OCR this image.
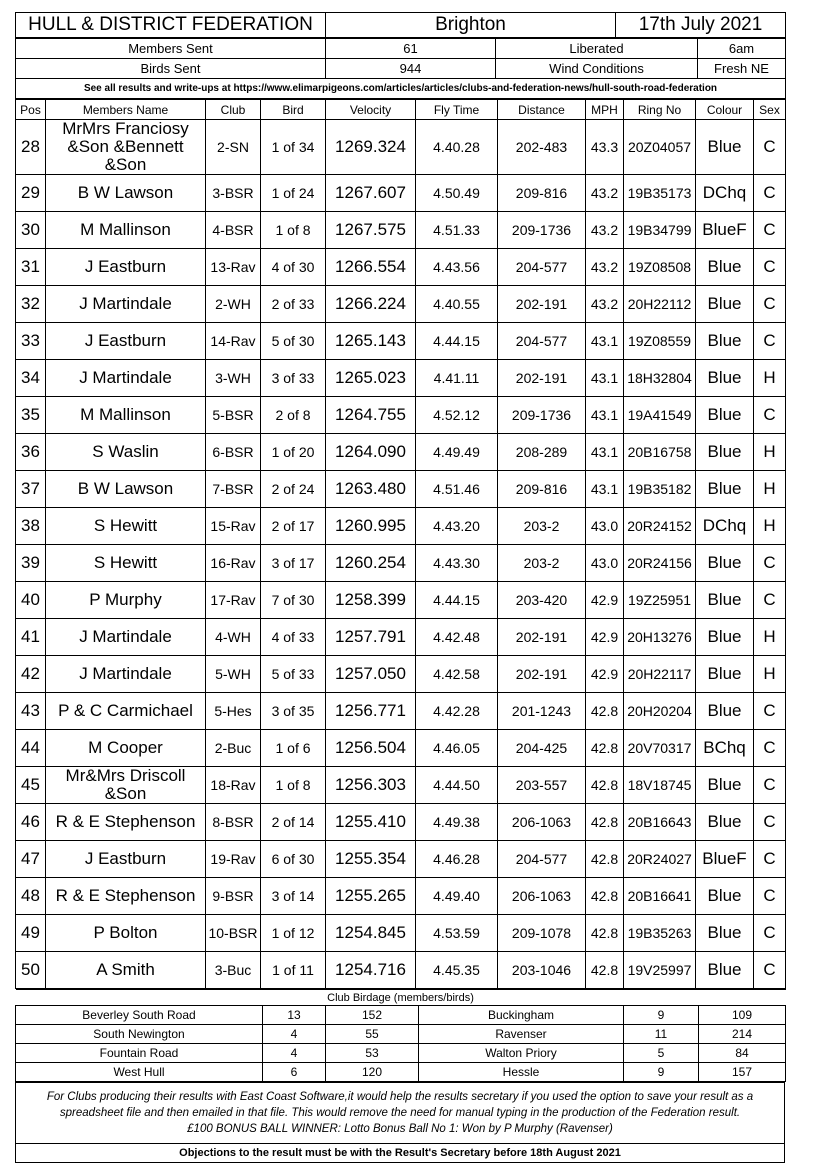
HULL & DISTRICT FEDERATION	Brighton	17th July 2021
Members Sent	61	Liberated	6am
Birds Sent	944	Wind Conditions	Fresh NE
See all results and write-ups at https://www.elimarpigeons.com/articles/articles/clubs-and-federation-news/hull-south-road-federation			
Pos	Members Name	Club	Bird	Velocity	Fly Time	Distance	MPH	Ring No	Colour	Sex
28	MrMrs Franciosy &Son &Bennett &Son	2-SN	1 of 34	1269.324	4.40.28	202-483	43.3	20Z04057	Blue	C
29	B W Lawson	3-BSR	1 of 24	1267.607	4.50.49	209-816	43.2	19B35173	DChq	C
30	M Mallinson	4-BSR	1 of 8	1267.575	4.51.33	209-1736	43.2	19B34799	BlueF	C
31	J Eastburn	13-Rav	4 of 30	1266.554	4.43.56	204-577	43.2	19Z08508	Blue	C
32	J Martindale	2-WH	2 of 33	1266.224	4.40.55	202-191	43.2	20H22112	Blue	C
33	J Eastburn	14-Rav	5 of 30	1265.143	4.44.15	204-577	43.1	19Z08559	Blue	C
34	J Martindale	3-WH	3 of 33	1265.023	4.41.11	202-191	43.1	18H32804	Blue	H
35	M Mallinson	5-BSR	2 of 8	1264.755	4.52.12	209-1736	43.1	19A41549	Blue	C
36	S Waslin	6-BSR	1 of 20	1264.090	4.49.49	208-289	43.1	20B16758	Blue	H
37	B W Lawson	7-BSR	2 of 24	1263.480	4.51.46	209-816	43.1	19B35182	Blue	H
38	S Hewitt	15-Rav	2 of 17	1260.995	4.43.20	203-2	43.0	20R24152	DChq	H
39	S Hewitt	16-Rav	3 of 17	1260.254	4.43.30	203-2	43.0	20R24156	Blue	C
40	P Murphy	17-Rav	7 of 30	1258.399	4.44.15	203-420	42.9	19Z25951	Blue	C
41	J Martindale	4-WH	4 of 33	1257.791	4.42.48	202-191	42.9	20H13276	Blue	H
42	J Martindale	5-WH	5 of 33	1257.050	4.42.58	202-191	42.9	20H22117	Blue	H
43	P & C Carmichael	5-Hes	3 of 35	1256.771	4.42.28	201-1243	42.8	20H20204	Blue	C
44	M Cooper	2-Buc	1 of 6	1256.504	4.46.05	204-425	42.8	20V70317	BChq	C
45	Mr&Mrs Driscoll &Son	18-Rav	1 of 8	1256.303	4.44.50	203-557	42.8	18V18745	Blue	C
46	R & E Stephenson	8-BSR	2 of 14	1255.410	4.49.38	206-1063	42.8	20B16643	Blue	C
47	J Eastburn	19-Rav	6 of 30	1255.354	4.46.28	204-577	42.8	20R24027	BlueF	C
48	R & E Stephenson	9-BSR	3 of 14	1255.265	4.49.40	206-1063	42.8	20B16641	Blue	C
49	P Bolton	10-BSR	1 of 12	1254.845	4.53.59	209-1078	42.8	19B35263	Blue	C
50	A Smith	3-Buc	1 of 11	1254.716	4.45.35	203-1046	42.8	19V25997	Blue	C
Club Birdage (members/birds)					
Beverley South Road	13	152	Buckingham	9	109
South Newington	4	55	Ravenser	11	214
Fountain Road	4	53	Walton Priory	5	84
West Hull	6	120	Hessle	9	157
For Clubs producing their results with East Coast Software,it would help the results secretary if you used the option to save your result as a spreadsheet file and then emailed in that file. This would remove the need for manual typing in the production of the Federation result.
£100 BONUS BALL WINNER: Lotto Bonus Ball No 1: Won by P Murphy (Ravenser)

Objections to the result must be with the Result's Secretary before 18th August 2021
